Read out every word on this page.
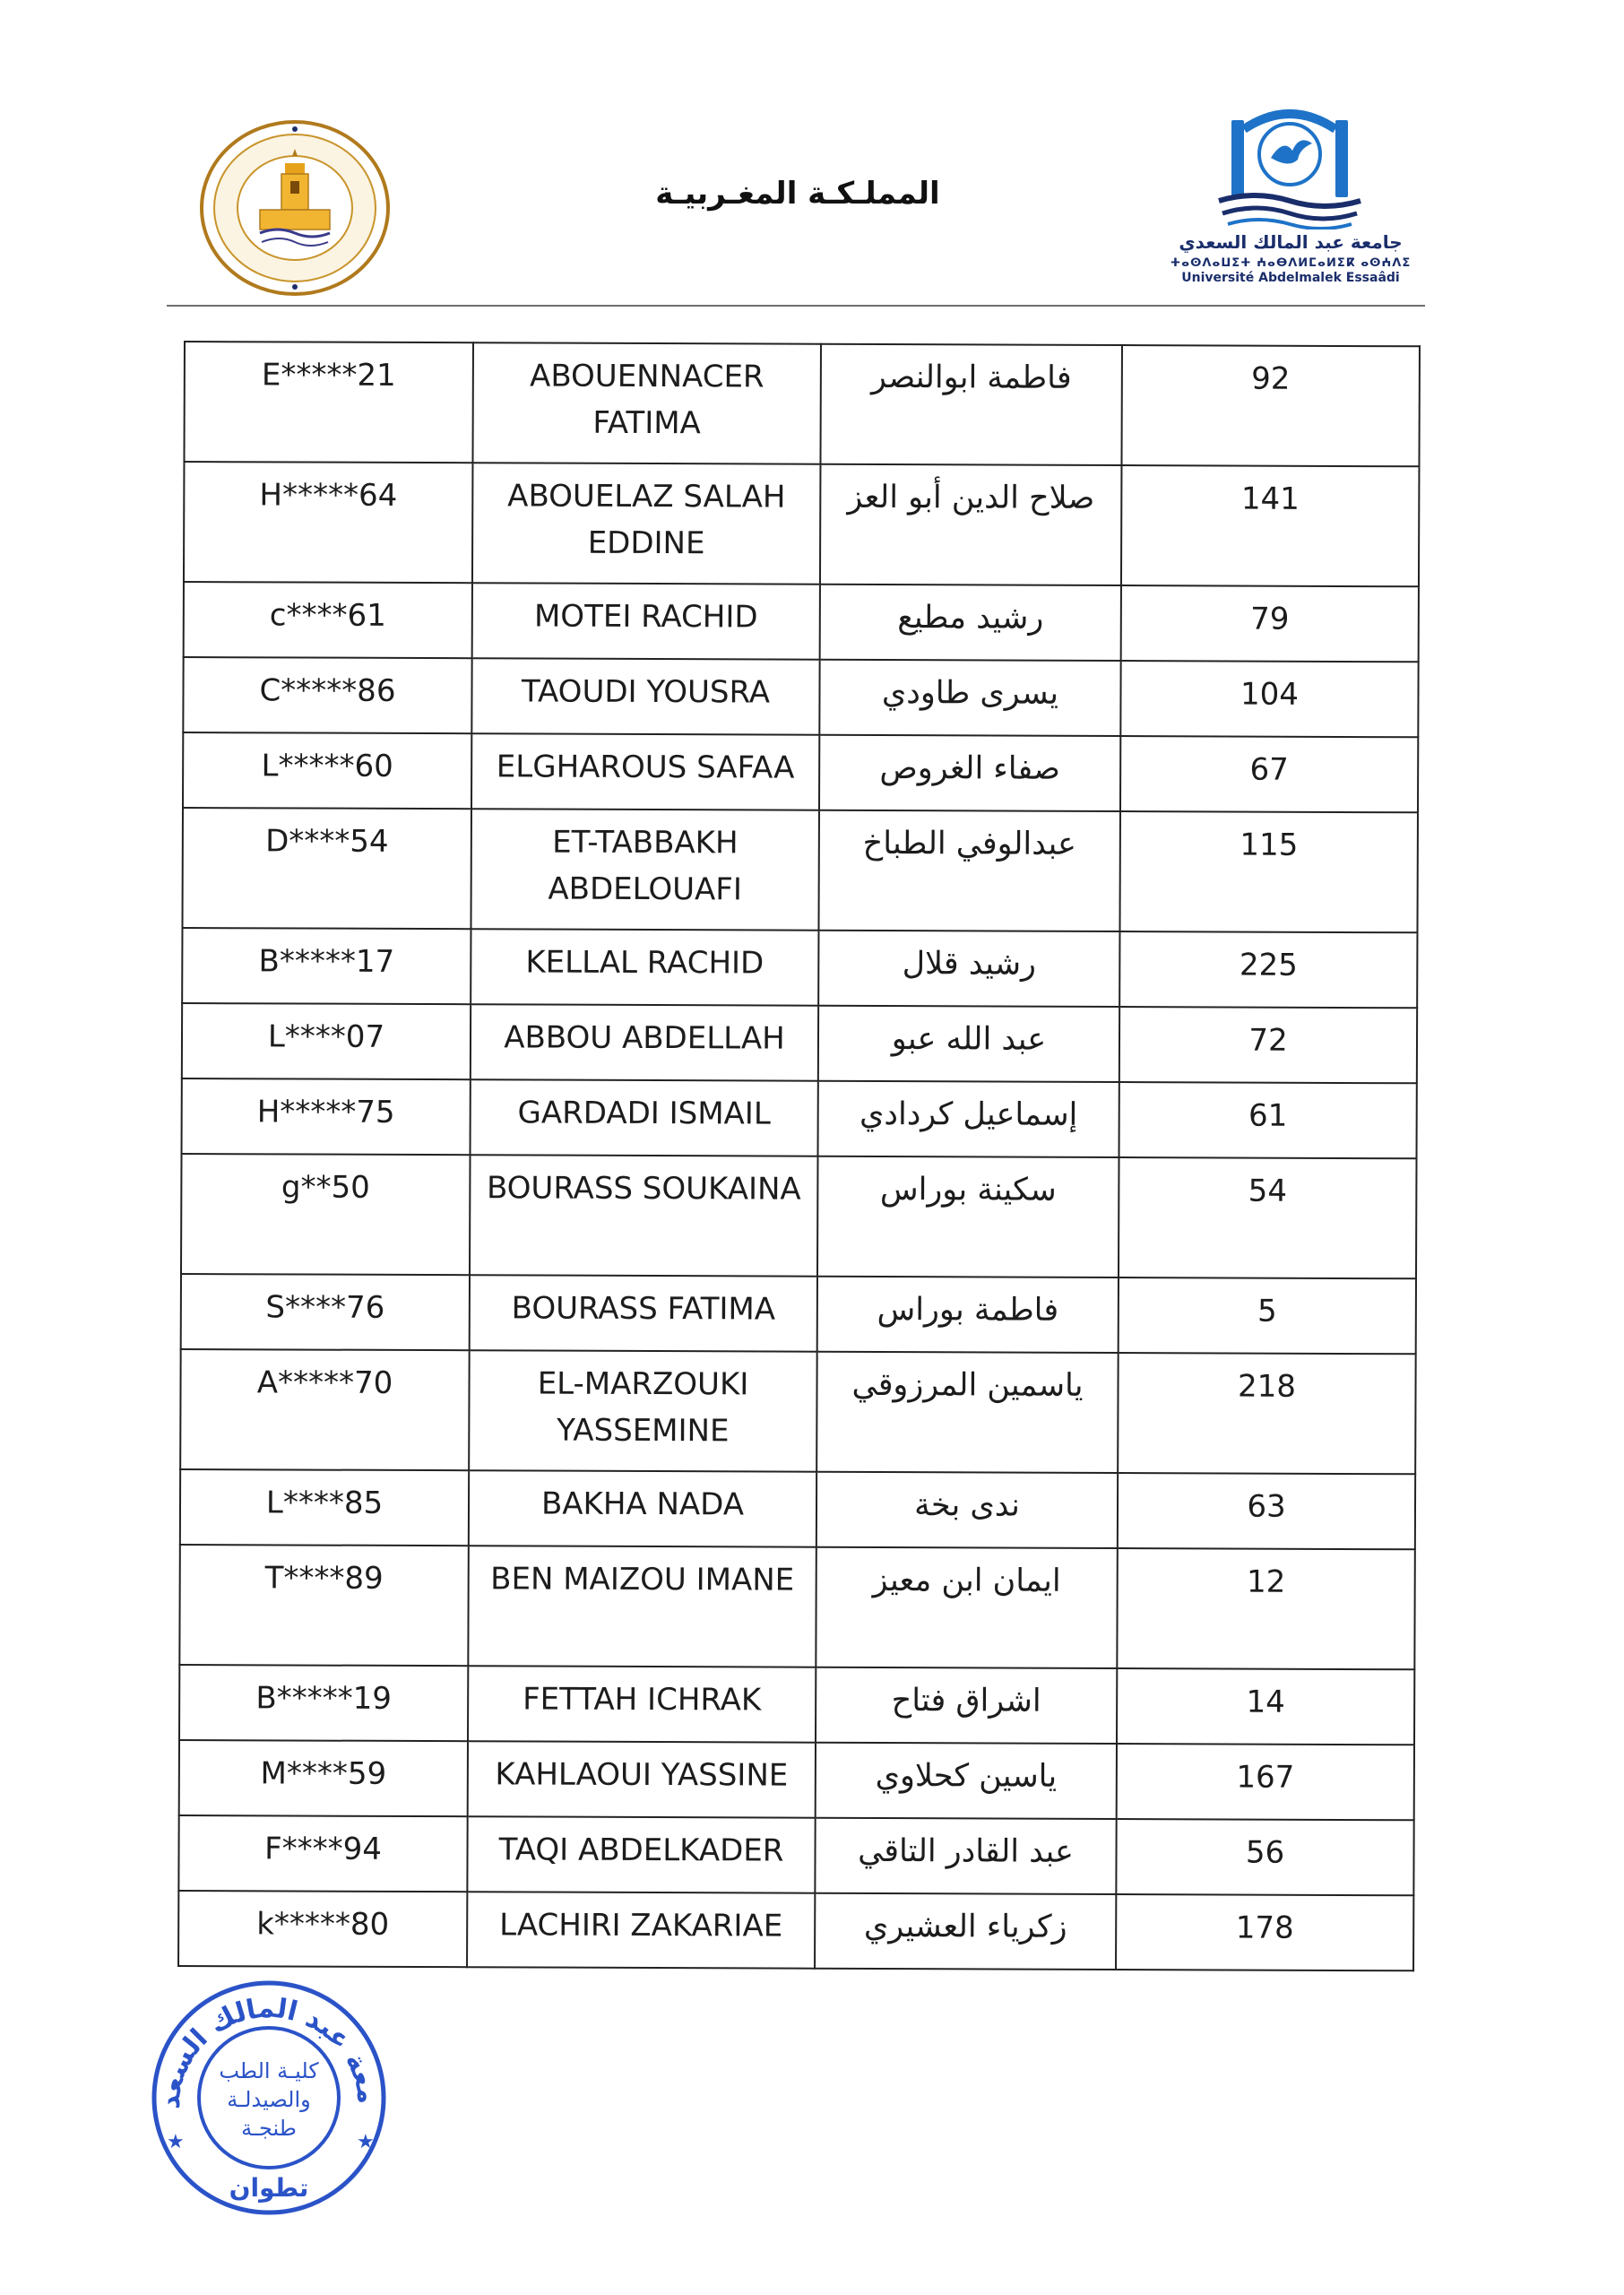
المملـكـة المغـربيـة
جامعة عبد المالك السعدي
ⵜⴰⵙⴷⴰⵡⵉⵜ ⵄⴰⴱⴷⵍⵎⴰⵍⵉⴽ ⴰⵙⵄⴷⵉ
Université Abdelmalek Essaâdi
E*****21	ABOUENNACER FATIMA	فاطمة ابوالنصر	92
H*****64	ABOUELAZ SALAH EDDINE	صلاح الدين أبو العز	141
c****61	MOTEI RACHID	رشيد مطيع	79
C*****86	TAOUDI YOUSRA	يسرى طاودي	104
L*****60	ELGHAROUS SAFAA	صفاء الغروص	67
D****54	ET-TABBAKH ABDELOUAFI	عبدالوفي الطباخ	115
B*****17	KELLAL RACHID	رشيد قلال	225
L****07	ABBOU ABDELLAH	عبد الله عبو	72
H*****75	GARDADI ISMAIL	إسماعيل كردادي	61
g**50	BOURASS SOUKAINA	سكينة بوراس	54
S****76	BOURASS FATIMA	فاطمة بوراس	5
A*****70	EL-MARZOUKI YASSEMINE	ياسمين المرزوقي	218
L****85	BAKHA NADA	ندى بخة	63
T****89	BEN MAIZOU IMANE	ايمان ابن معيز	12
B*****19	FETTAH ICHRAK	اشراق فتاح	14
M****59	KAHLAOUI YASSINE	ياسين كحلاوي	167
F****94	TAQI ABDELKADER	عبد القادر التاقي	56
k*****80	LACHIRI ZAKARIAE	زكرياء العشيري	178
معة عبد المالك السعد
كليـة الطب
والصيدلـة
طنجـة
تطوان
★	★
